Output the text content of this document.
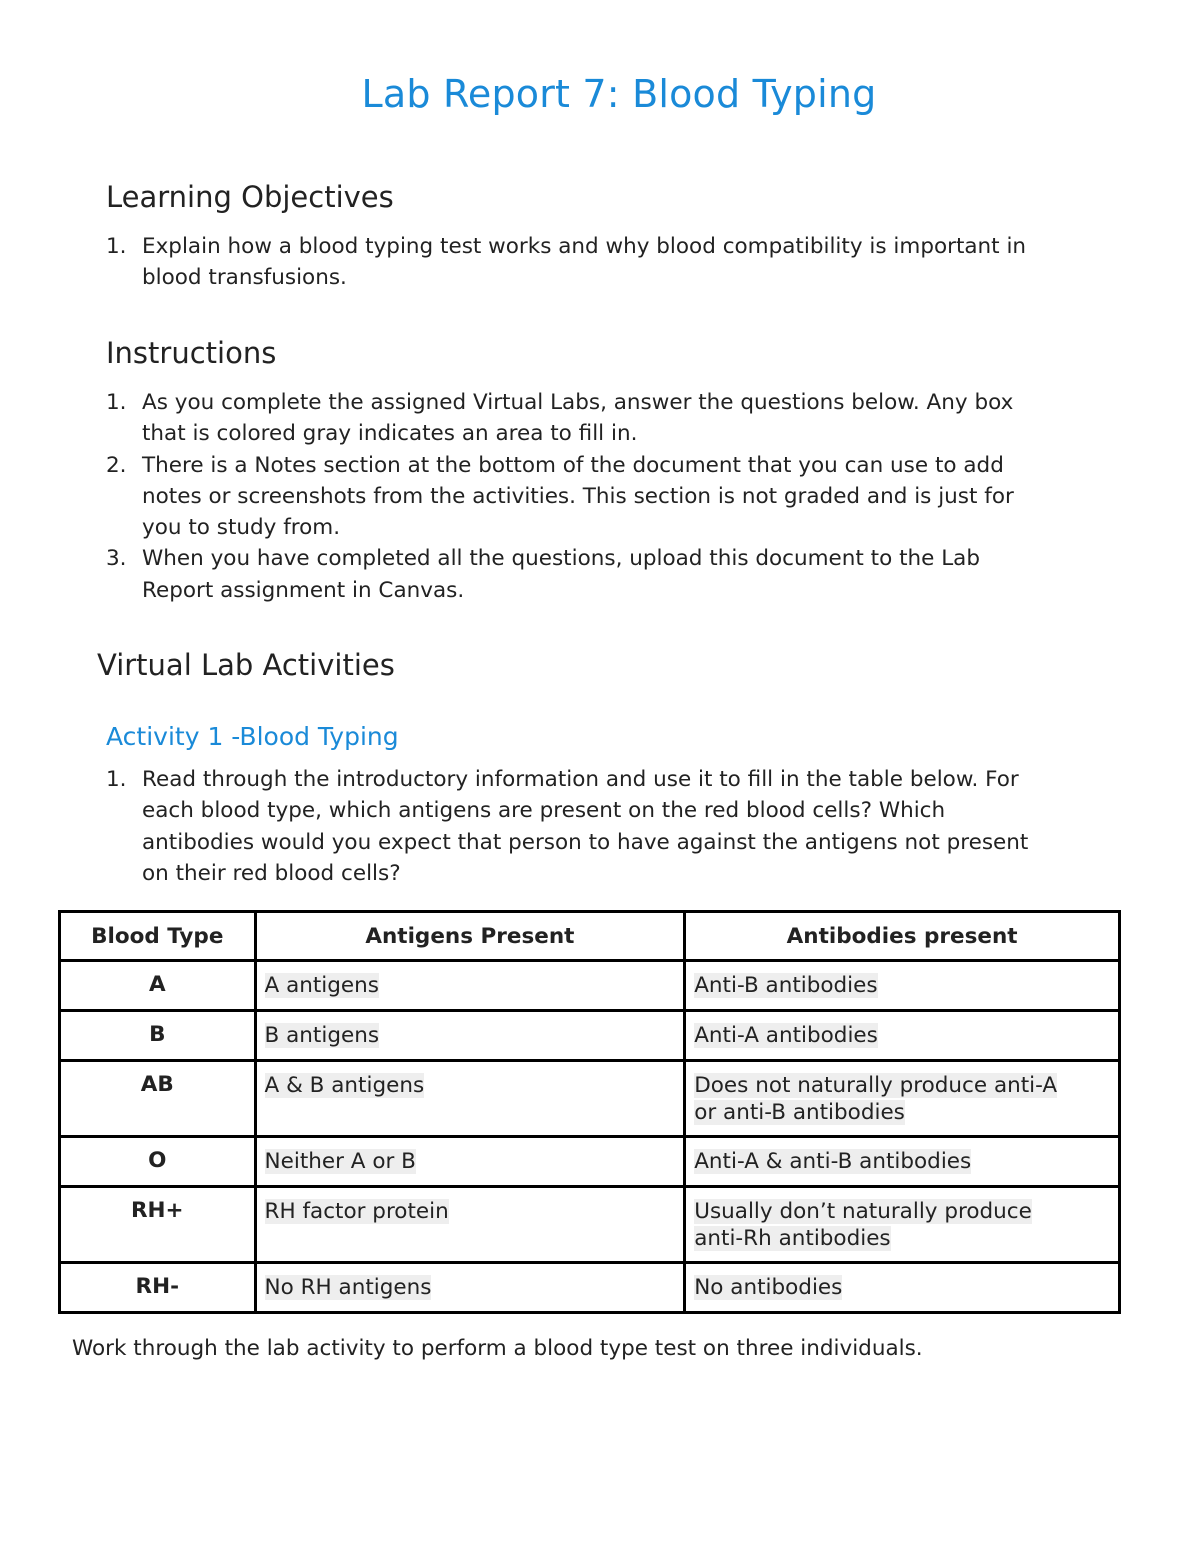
Lab Report 7: Blood Typing
Learning Objectives
1. Explain how a blood typing test works and why blood compatibility is important in
blood transfusions.
Instructions
1. As you complete the assigned Virtual Labs, answer the questions below. Any box
that is colored gray indicates an area to fill in.
2. There is a Notes section at the bottom of the document that you can use to add
notes or screenshots from the activities. This section is not graded and is just for
you to study from.
3. When you have completed all the questions, upload this document to the Lab
Report assignment in Canvas.
Virtual Lab Activities
Activity 1 -Blood Typing
1. Read through the introductory information and use it to fill in the table below. For
each blood type, which antigens are present on the red blood cells? Which
antibodies would you expect that person to have against the antigens not present
on their red blood cells?
Blood Type	Antigens Present	Antibodies present
A	A antigens	Anti-B antibodies
B	B antigens	Anti-A antibodies
AB	A & B antigens	Does not naturally produce anti-A
or anti-B antibodies
O	Neither A or B	Anti-A & anti-B antibodies
RH+	RH factor protein	Usually don’t naturally produce
anti-Rh antibodies
RH-	No RH antigens	No antibodies

Work through the lab activity to perform a blood type test on three individuals.
